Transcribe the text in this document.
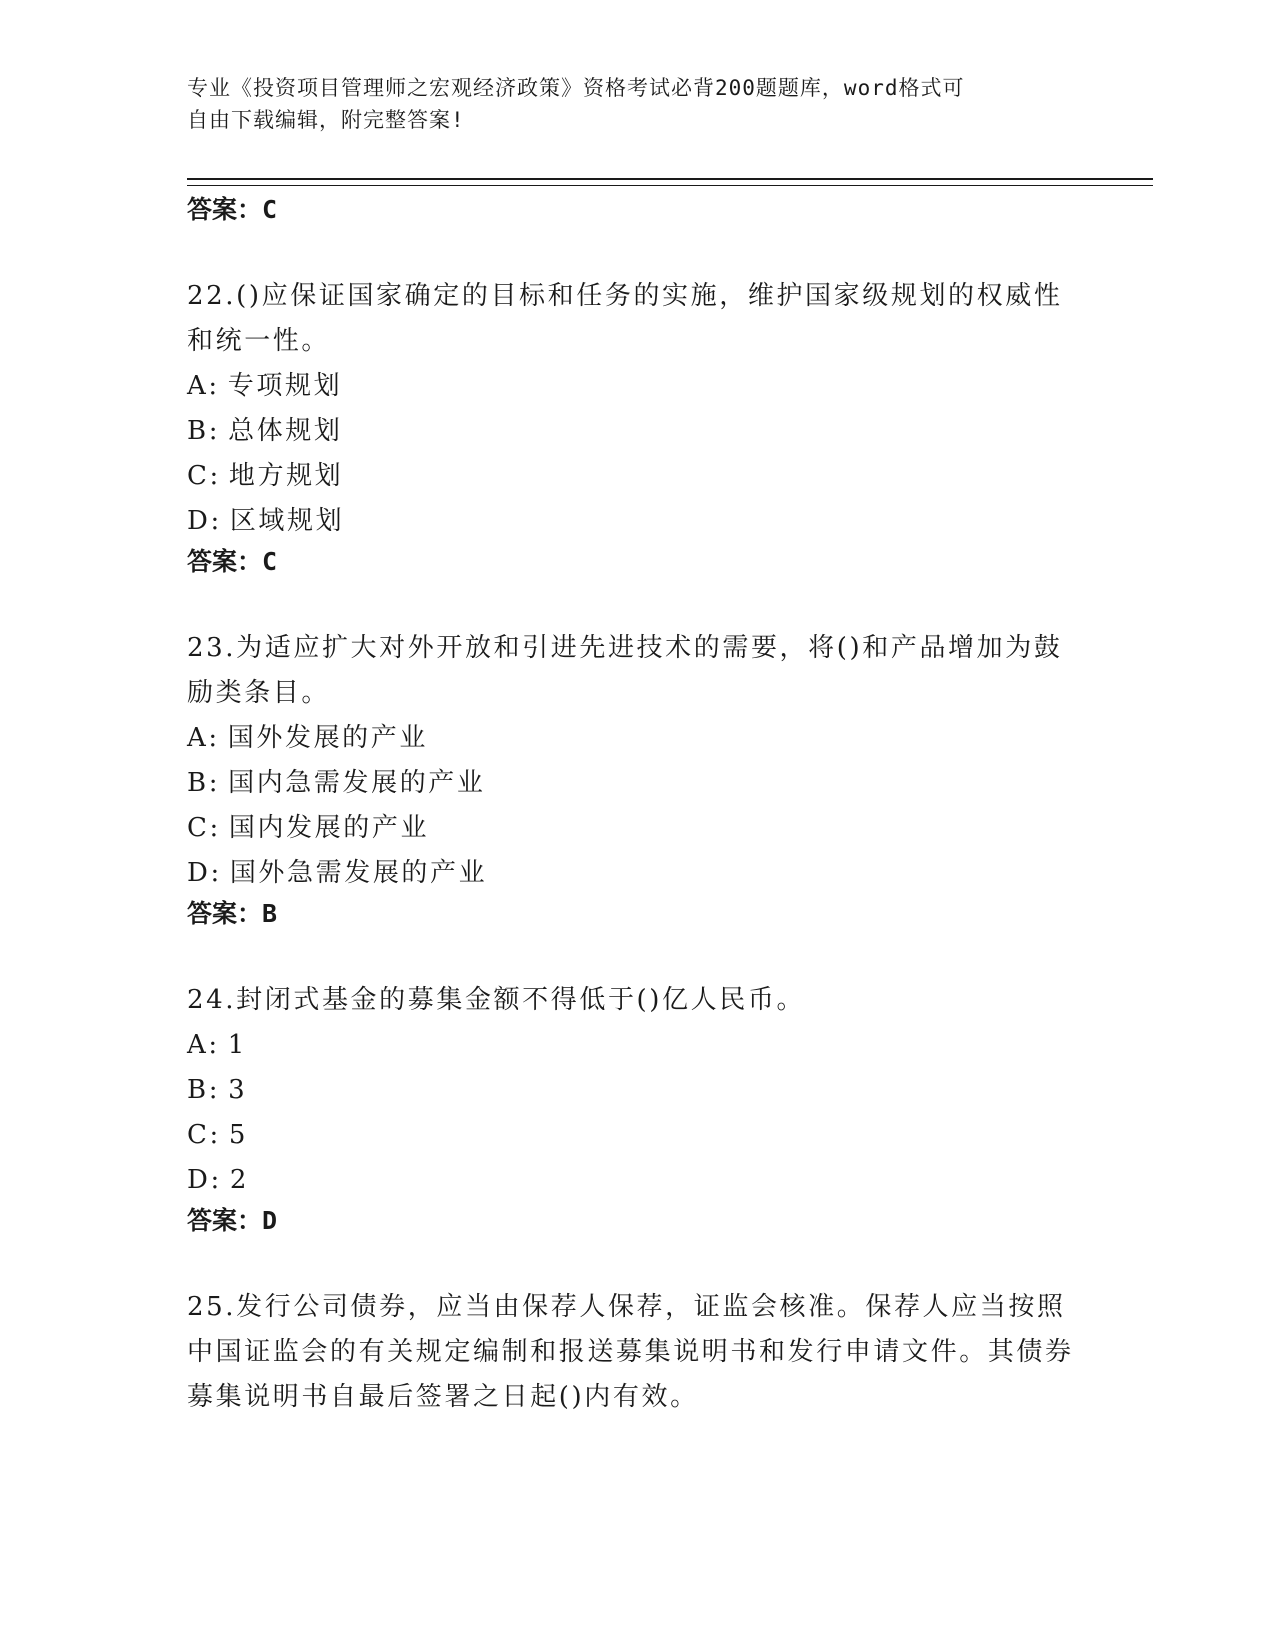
专业《投资项目管理师之宏观经济政策》资格考试必背200题题库，word格式可
自由下载编辑，附完整答案!
答案：C
22.()应保证国家确定的目标和任务的实施，维护国家级规划的权威性和统一性。
A: 专项规划
B: 总体规划
C: 地方规划
D: 区域规划
答案：C
23.为适应扩大对外开放和引进先进技术的需要，将()和产品增加为鼓励类条目。
A: 国外发展的产业
B: 国内急需发展的产业
C: 国内发展的产业
D: 国外急需发展的产业
答案：B
24.封闭式基金的募集金额不得低于()亿人民币。
A: 1
B: 3
C: 5
D: 2
答案：D
25.发行公司债券，应当由保荐人保荐，证监会核准。保荐人应当按照中国证监会的有关规定编制和报送募集说明书和发行申请文件。其债券募集说明书自最后签署之日起()内有效。
